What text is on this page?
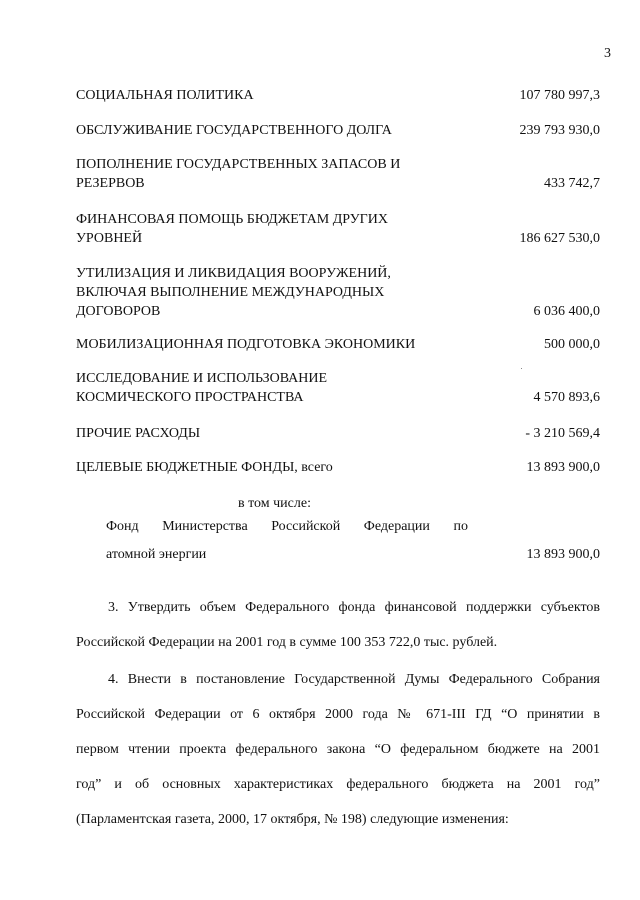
3
СОЦИАЛЬНАЯ ПОЛИТИКА	107 780 997,3
ОБСЛУЖИВАНИЕ ГОСУДАРСТВЕННОГО ДОЛГА	239 793 930,0
ПОПОЛНЕНИЕ ГОСУДАРСТВЕННЫХ ЗАПАСОВ И РЕЗЕРВОВ	433 742,7
ФИНАНСОВАЯ ПОМОЩЬ БЮДЖЕТАМ ДРУГИХ УРОВНЕЙ	186 627 530,0
УТИЛИЗАЦИЯ И ЛИКВИДАЦИЯ ВООРУЖЕНИЙ, ВКЛЮЧАЯ ВЫПОЛНЕНИЕ МЕЖДУНАРОДНЫХ ДОГОВОРОВ	6 036 400,0
МОБИЛИЗАЦИОННАЯ ПОДГОТОВКА ЭКОНОМИКИ	500 000,0
ИССЛЕДОВАНИЕ И ИСПОЛЬЗОВАНИЕ КОСМИЧЕСКОГО ПРОСТРАНСТВА	4 570 893,6
ПРОЧИЕ РАСХОДЫ	- 3 210 569,4
ЦЕЛЕВЫЕ БЮДЖЕТНЫЕ ФОНДЫ, всего	13 893 900,0
в том числе:
Фонд Министерства Российской Федерации по
атомной энергии	13 893 900,0
3. Утвердить объем Федерального фонда финансовой поддержки субъектов
Российской Федерации на 2001 год в сумме 100 353 722,0 тыс. рублей.
4. Внести в постановление Государственной Думы Федерального Собрания
Российской Федерации от 6 октября 2000 года № 671-III ГД “О принятии в
первом чтении проекта федерального закона “О федеральном бюджете на 2001
год” и об основных характеристиках федерального бюджета на 2001 год”
(Парламентская газета, 2000, 17 октября, № 198) следующие изменения:
